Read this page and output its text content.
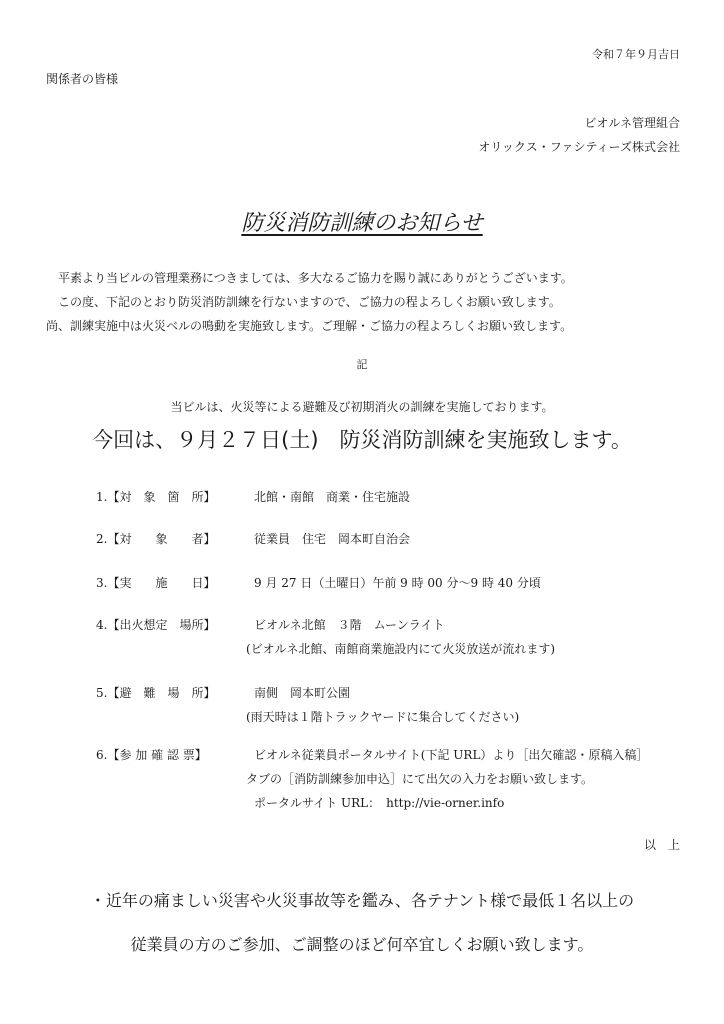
令和７年９月吉日
関係者の皆様
ビオルネ管理組合
オリックス・ファシティーズ株式会社
防災消防訓練のお知らせ
　平素より当ビルの管理業務につきましては、多大なるご協力を賜り誠にありがとうございます。
　この度、下記のとおり防災消防訓練を行ないますので、ご協力の程よろしくお願い致します。
尚、訓練実施中は火災ベルの鳴動を実施致します。ご理解・ご協力の程よろしくお願い致します。
記
当ビルは、火災等による避難及び初期消火の訓練を実施しております。
今回は、９月２７日(土)　防災消防訓練を実施致します。
1.【対　象　箇　所】	北館・南館　商業・住宅施設
2.【対　　象　　者】	従業員　住宅　岡本町自治会
3.【実　　施　　日】	9 月 27 日（土曜日）午前 9 時 00 分～9 時 40 分頃
4.【出火想定　場所】	ビオルネ北館　３階　ムーンライト
(ビオルネ北館、南館商業施設内にて火災放送が流れます)
5.【避　難　場　所】	南側　岡本町公園
(雨天時は１階トラックヤードに集合してください)
6.【参 加 確 認 票】	ビオルネ従業員ポータルサイト(下記 URL）より［出欠確認・原稿入稿］
タブの［消防訓練参加申込］にて出欠の入力をお願い致します。
ポータルサイト URL：　http://vie-orner.info
以　上
・近年の痛ましい災害や火災事故等を鑑み、各テナント様で最低１名以上の
従業員の方のご参加、ご調整のほど何卒宜しくお願い致します。
